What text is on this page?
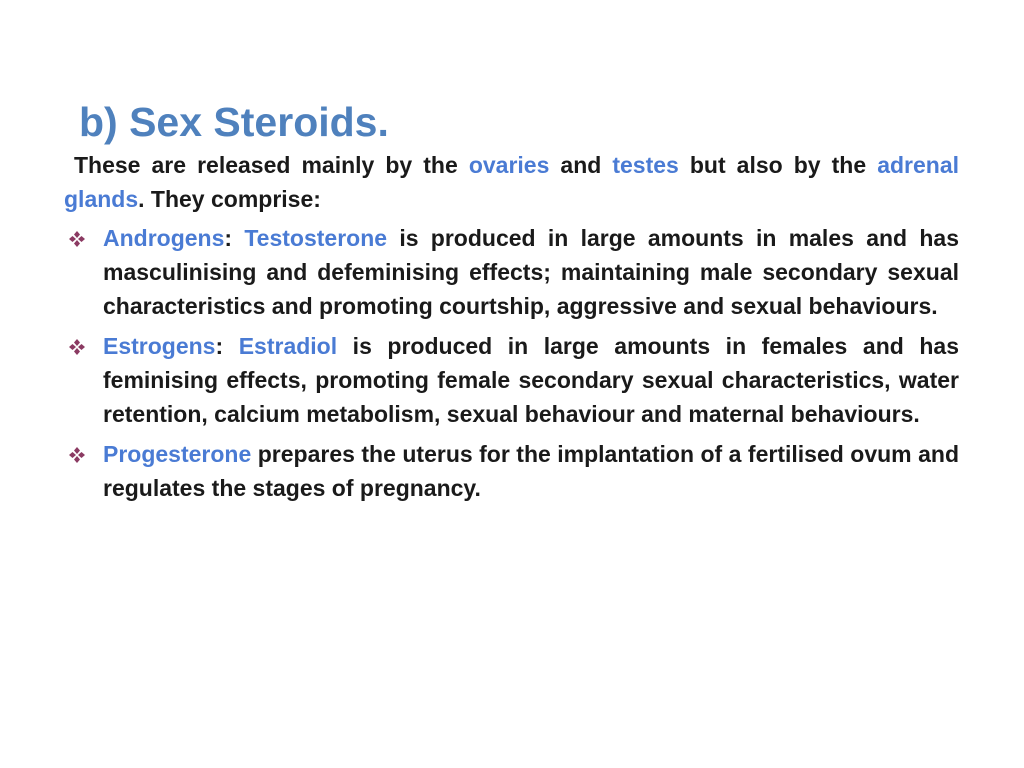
b) Sex Steroids.

These are released mainly by the ovaries and testes but also by the adrenal glands. They comprise:

Androgens: Testosterone is produced in large amounts in males and has masculinising and defeminising effects; maintaining male secondary sexual characteristics and promoting courtship, aggressive and sexual behaviours.
Estrogens: Estradiol is produced in large amounts in females and has feminising effects, promoting female secondary sexual characteristics, water retention, calcium metabolism, sexual behaviour and maternal behaviours.
Progesterone prepares the uterus for the implantation of a fertilised ovum and regulates the stages of pregnancy.
